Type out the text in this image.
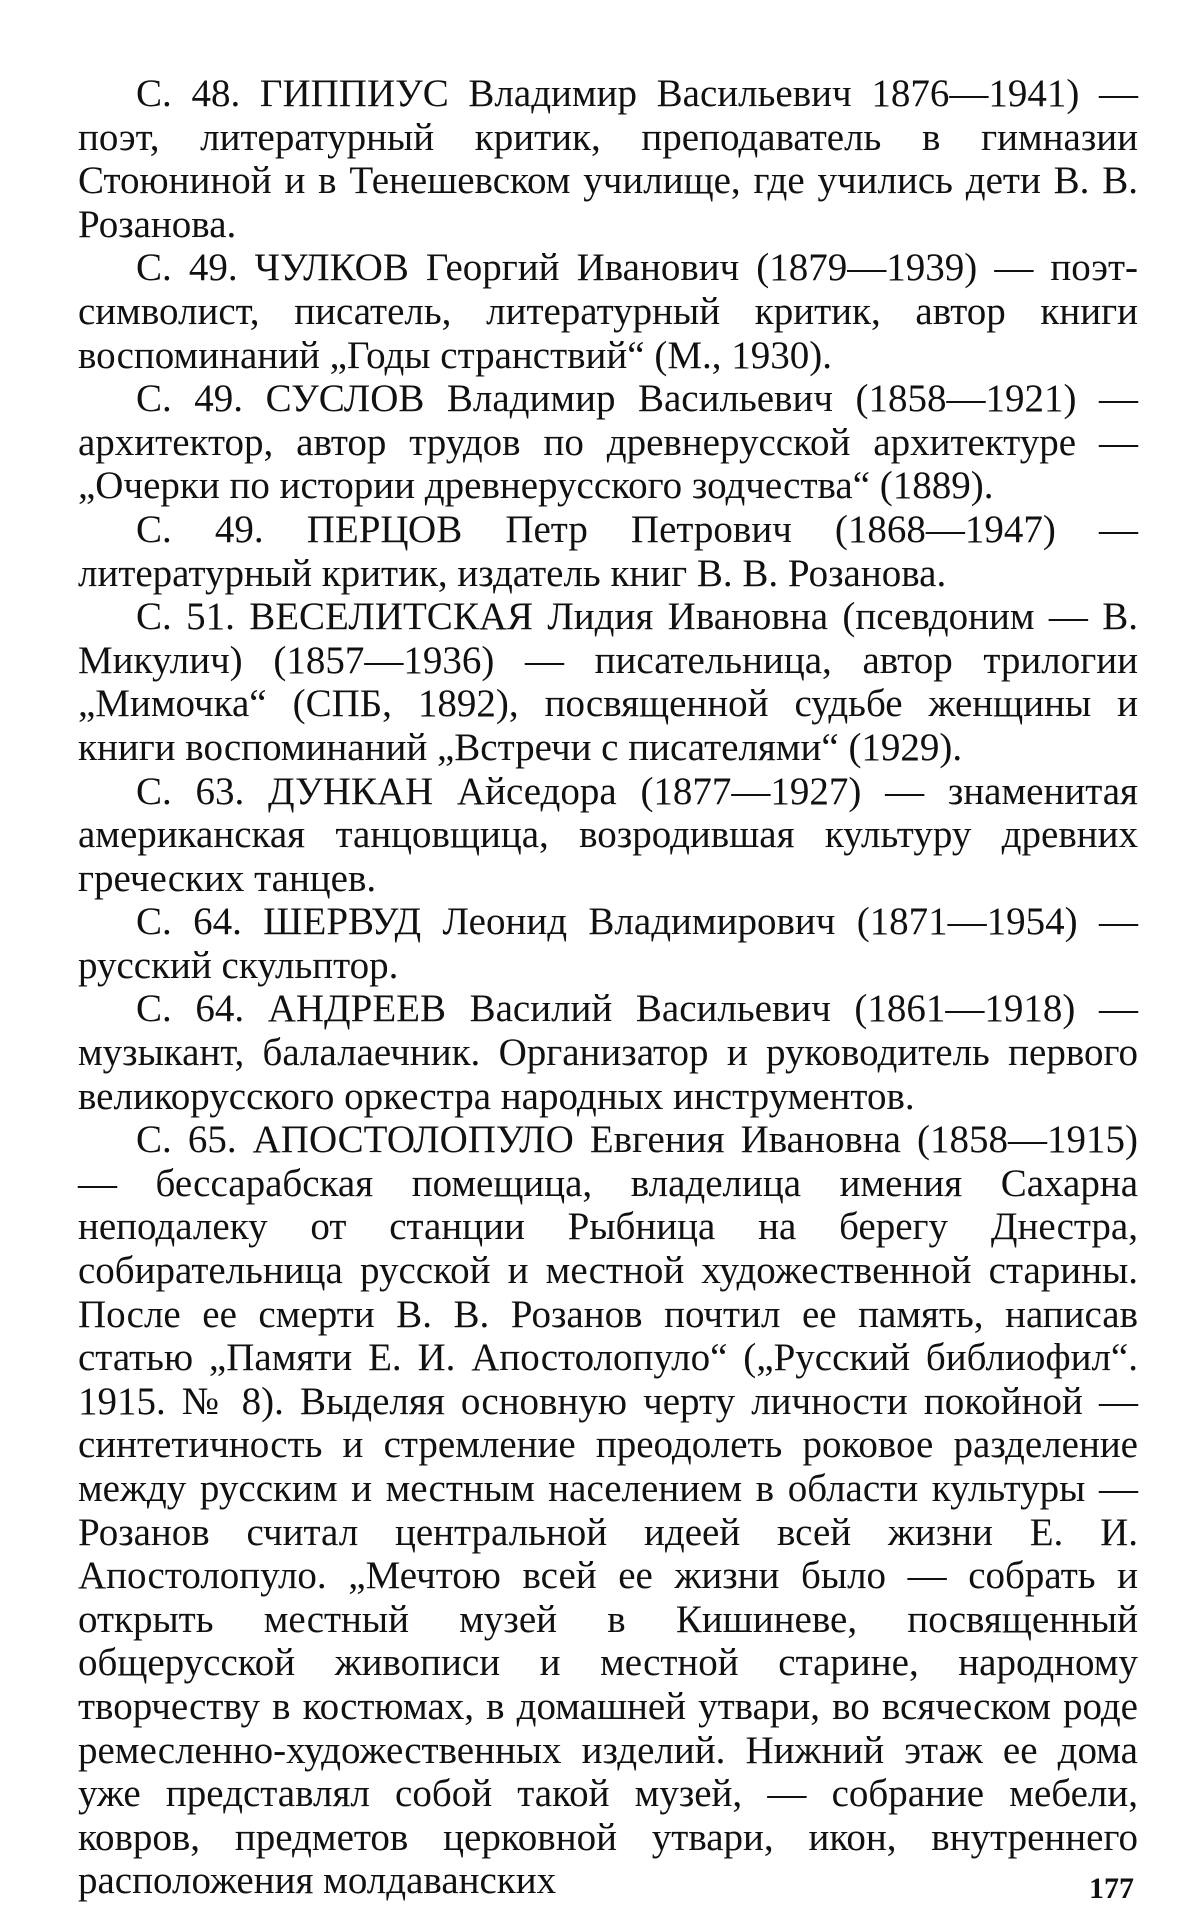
С. 48. ГИППИУС Владимир Васильевич 1876—1941) — поэт, литературный критик, преподаватель в гимназии Стоюниной и в Тенешевском училище, где учились дети В. В. Розанова.

С. 49. ЧУЛКОВ Георгий Иванович (1879—1939) — поэт-символист, писатель, литературный критик, автор книги воспоминаний „Годы странствий“ (М., 1930).

С. 49. СУСЛОВ Владимир Васильевич (1858—1921) — архитектор, автор трудов по древнерусской архитектуре — „Очерки по истории древнерусского зодчества“ (1889).

С. 49. ПЕРЦОВ Петр Петрович (1868—1947) — литературный критик, издатель книг В. В. Розанова.

С. 51. ВЕСЕЛИТСКАЯ Лидия Ивановна (псевдоним — В. Микулич) (1857—1936) — писательница, автор трилогии „Мимочка“ (СПБ, 1892), посвященной судьбе женщины и книги воспоминаний „Встречи с писателями“ (1929).

С. 63. ДУНКАН Айседора (1877—1927) — знаменитая американская танцовщица, возродившая культуру древних греческих танцев.

С. 64. ШЕРВУД Леонид Владимирович (1871—1954) — русский скульптор.

С. 64. АНДРЕЕВ Василий Васильевич (1861—1918) — музыкант, балалаечник. Организатор и руководитель первого великорусского оркестра народных инструментов.

С. 65. АПОСТОЛОПУЛО Евгения Ивановна (1858—1915) — бессарабская помещица, владелица имения Сахарна неподалеку от станции Рыбница на берегу Днестра, собирательница русской и местной художественной старины. После ее смерти В. В. Розанов почтил ее память, написав статью „Памяти Е. И. Апостолопуло“ („Русский библиофил“. 1915. № 8). Выделяя основную черту личности покойной — синтетичность и стремление преодолеть роковое разделение между русским и местным населением в области культуры — Розанов считал центральной идеей всей жизни Е. И. Апостолопуло. „Мечтою всей ее жизни было — собрать и открыть местный музей в Кишиневе, посвященный общерусской живописи и местной старине, народному творчеству в костюмах, в домашней утвари, во всяческом роде ремесленно-художественных изделий. Нижний этаж ее дома уже представлял собой такой музей, — собрание мебели, ковров, предметов церковной утвари, икон, внутреннего расположения молдаванских	177
